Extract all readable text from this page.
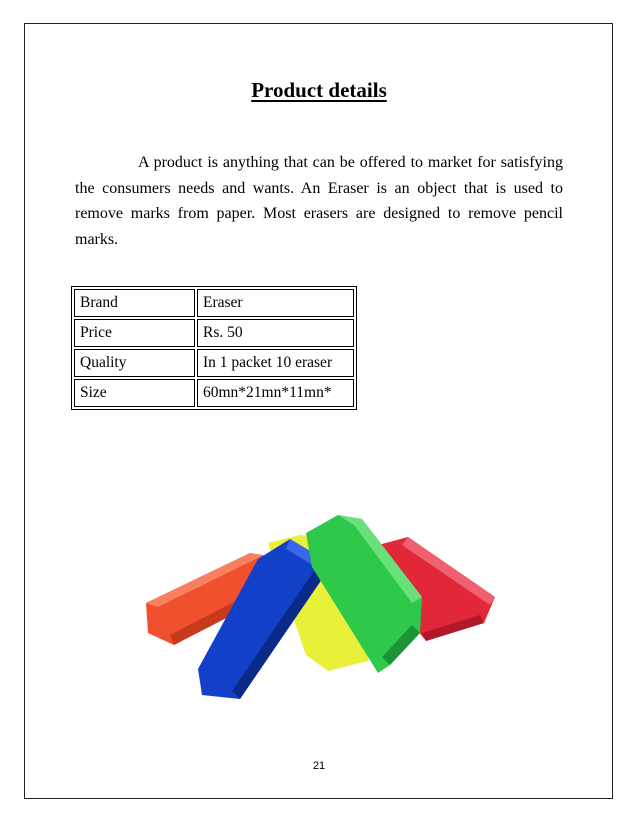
Product details

A product is anything that can be offered to market for satisfying the consumers needs and wants. An Eraser is an object that is used to remove marks from paper. Most erasers are designed to remove pencil marks.

Brand	Eraser
Price	Rs. 50
Quality	In 1 packet 10 eraser
Size	60mn*21mn*11mn*
21
